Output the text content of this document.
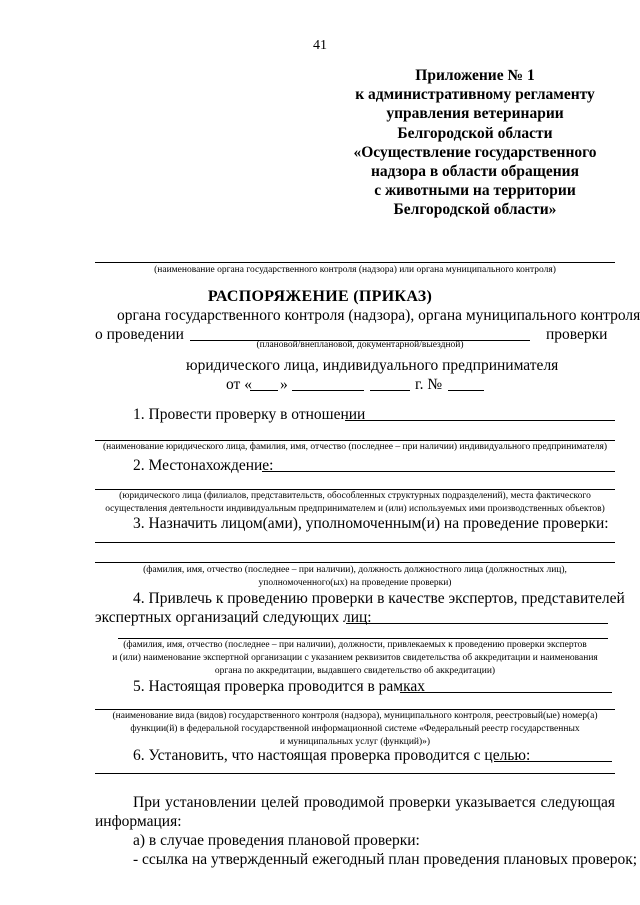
41
Приложение № 1
к административному регламенту
управления ветеринарии
Белгородской области
«Осуществление государственного
надзора в области обращения
с животными на территории
Белгородской области»
(наименование органа государственного контроля (надзора) или органа муниципального контроля)
РАСПОРЯЖЕНИЕ (ПРИКАЗ)
органа государственного контроля (надзора), органа муниципального контроля
о проведении	проверки
(плановой/внеплановой, документарной/выездной)
юридического лица, индивидуального предпринимателя
от « »	г. №
1. Провести проверку в отношении
(наименование юридического лица, фамилия, имя, отчество (последнее – при наличии) индивидуального предпринимателя)
2. Местонахождение:
(юридического лица (филиалов, представительств, обособленных структурных подразделений), места фактического
осуществления деятельности индивидуальным предпринимателем и (или) используемых ими производственных объектов)
3. Назначить лицом(ами), уполномоченным(и) на проведение проверки:
(фамилия, имя, отчество (последнее – при наличии), должность должностного лица (должностных лиц),
уполномоченного(ых) на проведение проверки)
4. Привлечь к проведению проверки в качестве экспертов, представителей
экспертных организаций следующих лиц:
(фамилия, имя, отчество (последнее – при наличии), должности, привлекаемых к проведению проверки экспертов
и (или) наименование экспертной организации с указанием реквизитов свидетельства об аккредитации и наименования
органа по аккредитации, выдавшего свидетельство об аккредитации)
5. Настоящая проверка проводится в рамках
(наименование вида (видов) государственного контроля (надзора), муниципального контроля, реестровый(ые) номер(а)
функции(й) в федеральной государственной информационной системе «Федеральный реестр государственных
и муниципальных услуг (функций)»)
6. Установить, что настоящая проверка проводится с целью:
При установлении целей проводимой проверки указывается следующая
информация:
а) в случае проведения плановой проверки:
- ссылка на утвержденный ежегодный план проведения плановых проверок;
